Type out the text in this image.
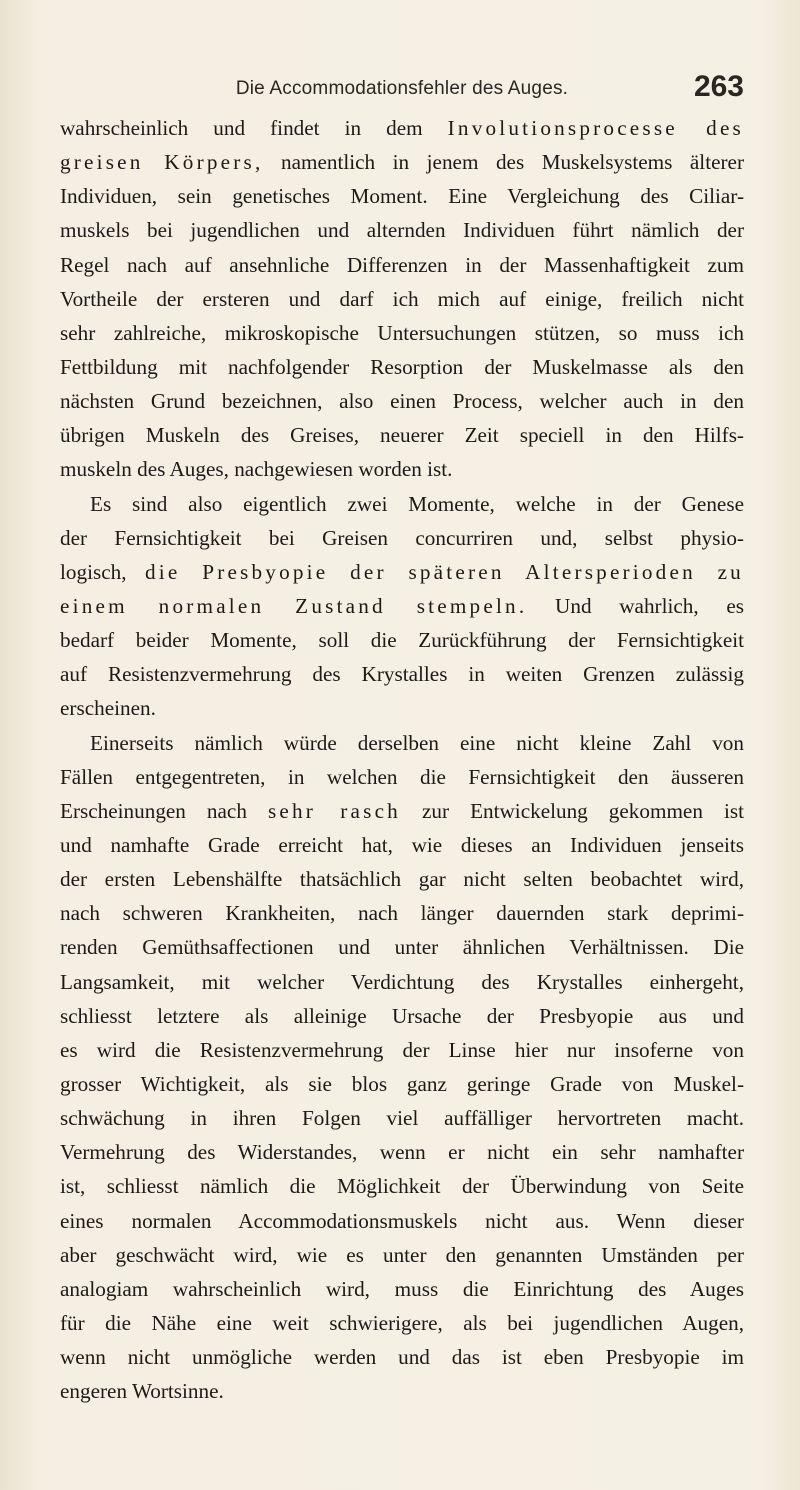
Die Accommodationsfehler des Auges.	263
wahrscheinlich und findet in dem Involutionsprocesse des
greisen Körpers, namentlich in jenem des Muskelsystems älterer
Individuen, sein genetisches Moment. Eine Vergleichung des Ciliar-
muskels bei jugendlichen und alternden Individuen führt nämlich der
Regel nach auf ansehnliche Differenzen in der Massenhaftigkeit zum
Vortheile der ersteren und darf ich mich auf einige, freilich nicht
sehr zahlreiche, mikroskopische Untersuchungen stützen, so muss ich
Fettbildung mit nachfolgender Resorption der Muskelmasse als den
nächsten Grund bezeichnen, also einen Process, welcher auch in den
übrigen Muskeln des Greises, neuerer Zeit speciell in den Hilfs-
muskeln des Auges, nachgewiesen worden ist.
Es sind also eigentlich zwei Momente, welche in der Genese
der Fernsichtigkeit bei Greisen concurriren und, selbst physio-
logisch, die Presbyopie der späteren Altersperioden zu
einem normalen Zustand stempeln. Und wahrlich, es
bedarf beider Momente, soll die Zurückführung der Fernsichtigkeit
auf Resistenzvermehrung des Krystalles in weiten Grenzen zulässig
erscheinen.
Einerseits nämlich würde derselben eine nicht kleine Zahl von
Fällen entgegentreten, in welchen die Fernsichtigkeit den äusseren
Erscheinungen nach sehr rasch zur Entwickelung gekommen ist
und namhafte Grade erreicht hat, wie dieses an Individuen jenseits
der ersten Lebenshälfte thatsächlich gar nicht selten beobachtet wird,
nach schweren Krankheiten, nach länger dauernden stark deprimi-
renden Gemüthsaffectionen und unter ähnlichen Verhältnissen. Die
Langsamkeit, mit welcher Verdichtung des Krystalles einhergeht,
schliesst letztere als alleinige Ursache der Presbyopie aus und
es wird die Resistenzvermehrung der Linse hier nur insoferne von
grosser Wichtigkeit, als sie blos ganz geringe Grade von Muskel-
schwächung in ihren Folgen viel auffälliger hervortreten macht.
Vermehrung des Widerstandes, wenn er nicht ein sehr namhafter
ist, schliesst nämlich die Möglichkeit der Überwindung von Seite
eines normalen Accommodationsmuskels nicht aus. Wenn dieser
aber geschwächt wird, wie es unter den genannten Umständen per
analogiam wahrscheinlich wird, muss die Einrichtung des Auges
für die Nähe eine weit schwierigere, als bei jugendlichen Augen,
wenn nicht unmögliche werden und das ist eben Presbyopie im
engeren Wortsinne.
